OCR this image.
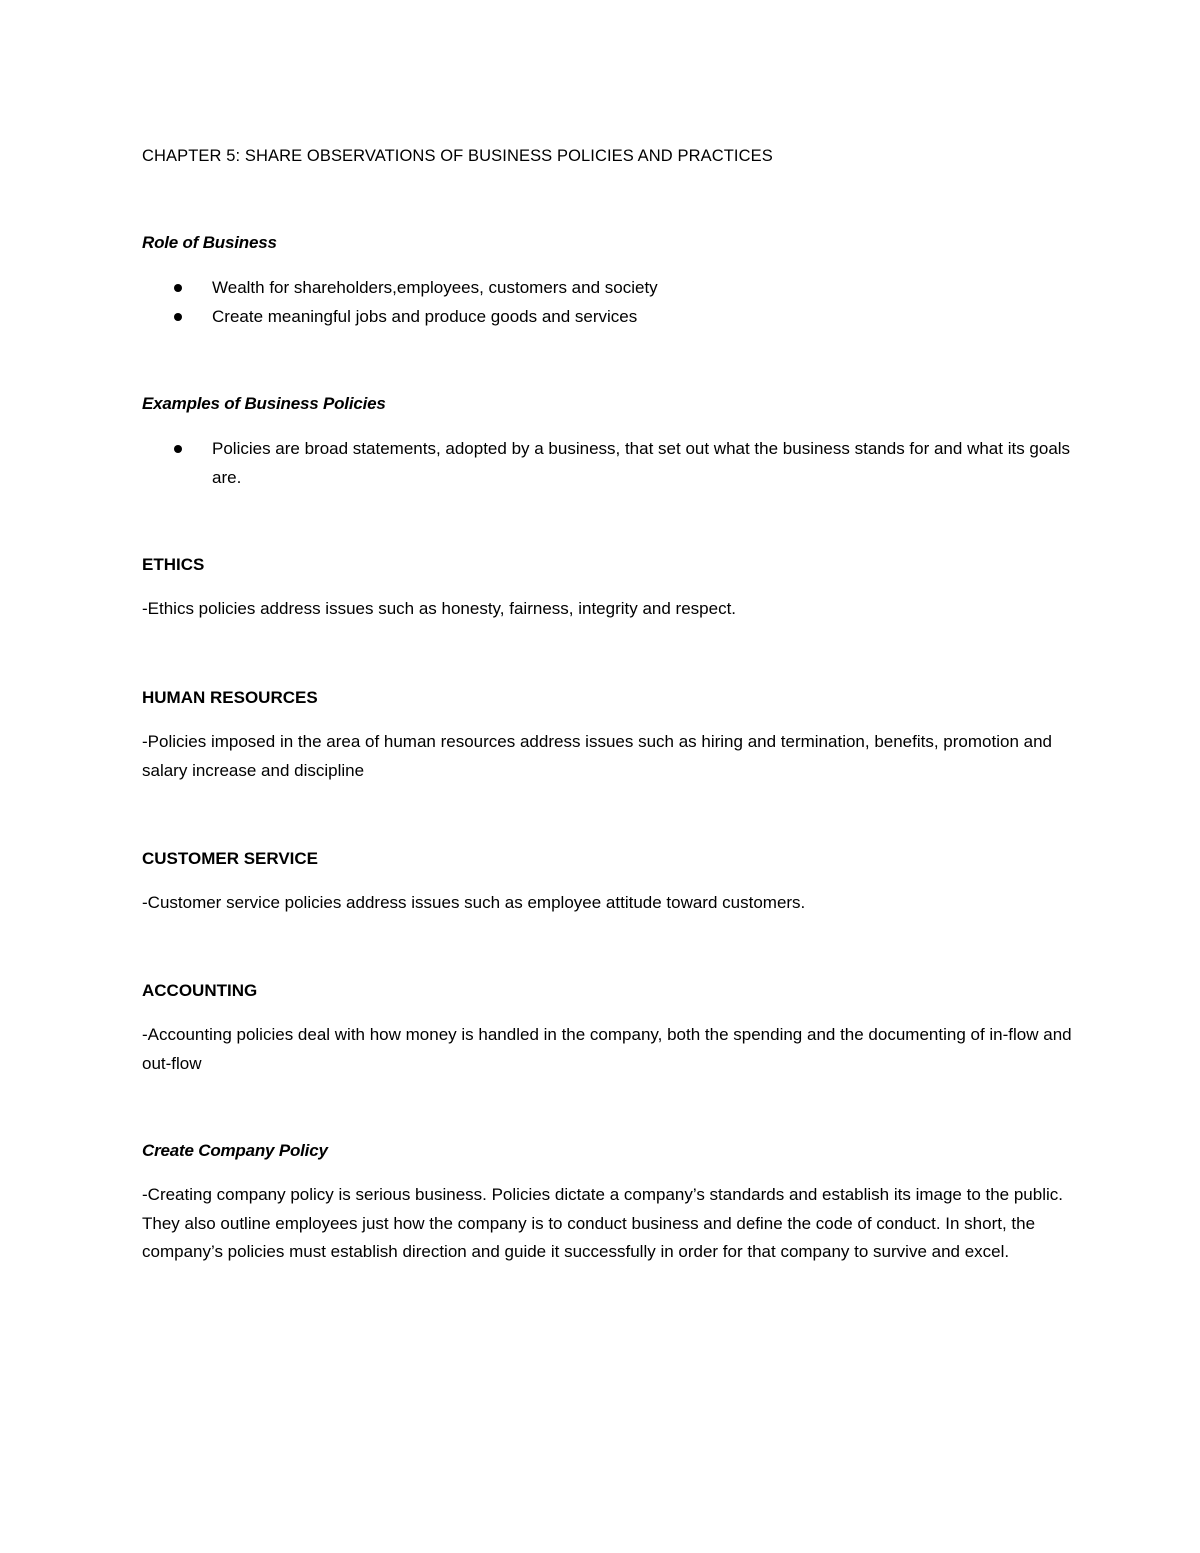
CHAPTER 5: SHARE OBSERVATIONS OF BUSINESS POLICIES AND PRACTICES
Role of Business
Wealth for shareholders,employees, customers and society
Create meaningful jobs and produce goods and services
Examples of Business Policies
Policies are broad statements, adopted by a business, that set out what the business stands for and what its goals are.
ETHICS

-Ethics policies address issues such as honesty, fairness, integrity and respect.

HUMAN RESOURCES

-Policies imposed in the area of human resources address issues such as hiring and termination, benefits, promotion and salary increase and discipline

CUSTOMER SERVICE

-Customer service policies address issues such as employee attitude toward customers.

ACCOUNTING

-Accounting policies deal with how money is handled in the company, both the spending and the documenting of in-flow and out-flow

Create Company Policy

-Creating company policy is serious business. Policies dictate a company’s standards and establish its image to the public. They also outline employees just how the company is to conduct business and define the code of conduct. In short, the company’s policies must establish direction and guide it successfully in order for that company to survive and excel.
